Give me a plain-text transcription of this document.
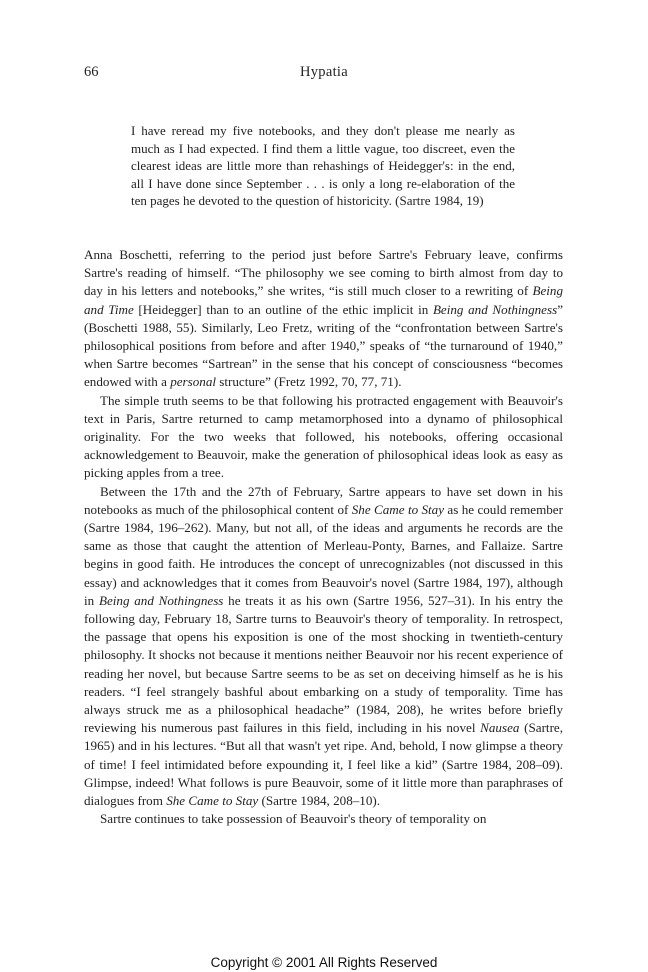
66	Hypatia
I have reread my five notebooks, and they don't please me nearly as much as I had expected. I find them a little vague, too discreet, even the clearest ideas are little more than rehashings of Heidegger's: in the end, all I have done since September . . . is only a long re-elaboration of the ten pages he devoted to the question of historicity. (Sartre 1984, 19)

Anna Boschetti, referring to the period just before Sartre's February leave, confirms Sartre's reading of himself. “The philosophy we see coming to birth almost from day to day in his letters and notebooks,” she writes, “is still much closer to a rewriting of Being and Time [Heidegger] than to an outline of the ethic implicit in Being and Nothingness” (Boschetti 1988, 55). Similarly, Leo Fretz, writing of the “confrontation between Sartre's philosophical positions from before and after 1940,” speaks of “the turnaround of 1940,” when Sartre becomes “Sartrean” in the sense that his concept of consciousness “becomes endowed with a personal structure” (Fretz 1992, 70, 77, 71).

The simple truth seems to be that following his protracted engagement with Beauvoir's text in Paris, Sartre returned to camp metamorphosed into a dynamo of philosophical originality. For the two weeks that followed, his notebooks, offering occasional acknowledgement to Beauvoir, make the generation of philosophical ideas look as easy as picking apples from a tree.

Between the 17th and the 27th of February, Sartre appears to have set down in his notebooks as much of the philosophical content of She Came to Stay as he could remember (Sartre 1984, 196–262). Many, but not all, of the ideas and arguments he records are the same as those that caught the attention of Merleau-Ponty, Barnes, and Fallaize. Sartre begins in good faith. He introduces the concept of unrecognizables (not discussed in this essay) and acknowledges that it comes from Beauvoir's novel (Sartre 1984, 197), although in Being and Nothingness he treats it as his own (Sartre 1956, 527–31). In his entry the following day, February 18, Sartre turns to Beauvoir's theory of temporality. In retrospect, the passage that opens his exposition is one of the most shocking in twentieth-century philosophy. It shocks not because it mentions neither Beauvoir nor his recent experience of reading her novel, but because Sartre seems to be as set on deceiving himself as he is his readers. “I feel strangely bashful about embarking on a study of temporality. Time has always struck me as a philosophical headache” (1984, 208), he writes before briefly reviewing his numerous past failures in this field, including in his novel Nausea (Sartre, 1965) and in his lectures. “But all that wasn't yet ripe. And, behold, I now glimpse a theory of time! I feel intimidated before expounding it, I feel like a kid” (Sartre 1984, 208–09). Glimpse, indeed! What follows is pure Beauvoir, some of it little more than paraphrases of dialogues from She Came to Stay (Sartre 1984, 208–10).

Sartre continues to take possession of Beauvoir's theory of temporality on

Copyright © 2001 All Rights Reserved
